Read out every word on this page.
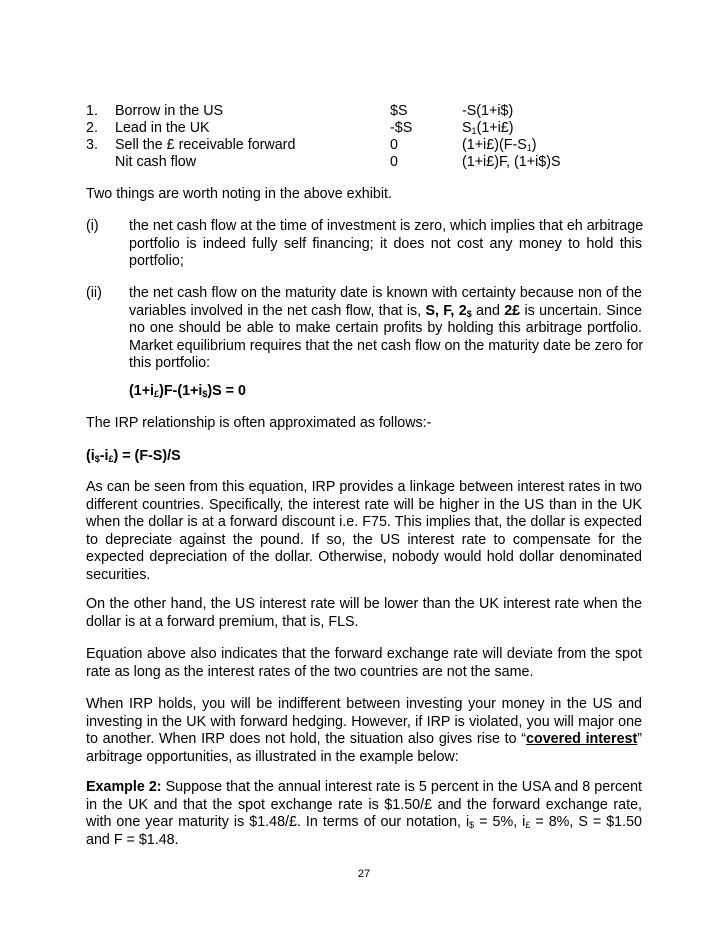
1. Borrow in the US	$S	-S(1+i$)
2. Lead in the UK	-$S	$S_1(1+i£)$
3. Sell the £ receivable forward	0	$(1+i£)(F-S_1)$
Nit cash flow	0	(1+i£)F, (1+i$)S
Two things are worth noting in the above exhibit.
(i) the net cash flow at the time of investment is zero, which implies that eh arbitrage
portfolio is indeed fully self financing; it does not cost any money to hold this
portfolio;
(ii) the net cash flow on the maturity date is known with certainty because non of the
variables involved in the net cash flow, that is, S, F, $2_{\$}$ and 2£ is uncertain. Since
no one should be able to make certain profits by holding this arbitrage portfolio.
Market equilibrium requires that the net cash flow on the maturity date be zero for
this portfolio:
$(1+i_£)F-(1+i_{\$})S = 0$
The IRP relationship is often approximated as follows:-
$(i_{\$}-i_£) = (F-S)/S$
As can be seen from this equation, IRP provides a linkage between interest rates in two
different countries. Specifically, the interest rate will be higher in the US than in the UK
when the dollar is at a forward discount i.e. F75. This implies that, the dollar is expected
to depreciate against the pound. If so, the US interest rate to compensate for the
expected depreciation of the dollar. Otherwise, nobody would hold dollar denominated
securities.
On the other hand, the US interest rate will be lower than the UK interest rate when the
dollar is at a forward premium, that is, FLS.
Equation above also indicates that the forward exchange rate will deviate from the spot
rate as long as the interest rates of the two countries are not the same.
When IRP holds, you will be indifferent between investing your money in the US and
investing in the UK with forward hedging. However, if IRP is violated, you will major one
to another. When IRP does not hold, the situation also gives rise to “covered interest”
arbitrage opportunities, as illustrated in the example below:
Example 2: Suppose that the annual interest rate is 5 percent in the USA and 8 percent
in the UK and that the spot exchange rate is $1.50/£ and the forward exchange rate,
with one year maturity is $1.48/£. In terms of our notation, $i_{\$} = 5\%$, $i_£ = 8\%$, S = $1.50
and F = $1.48.
27
